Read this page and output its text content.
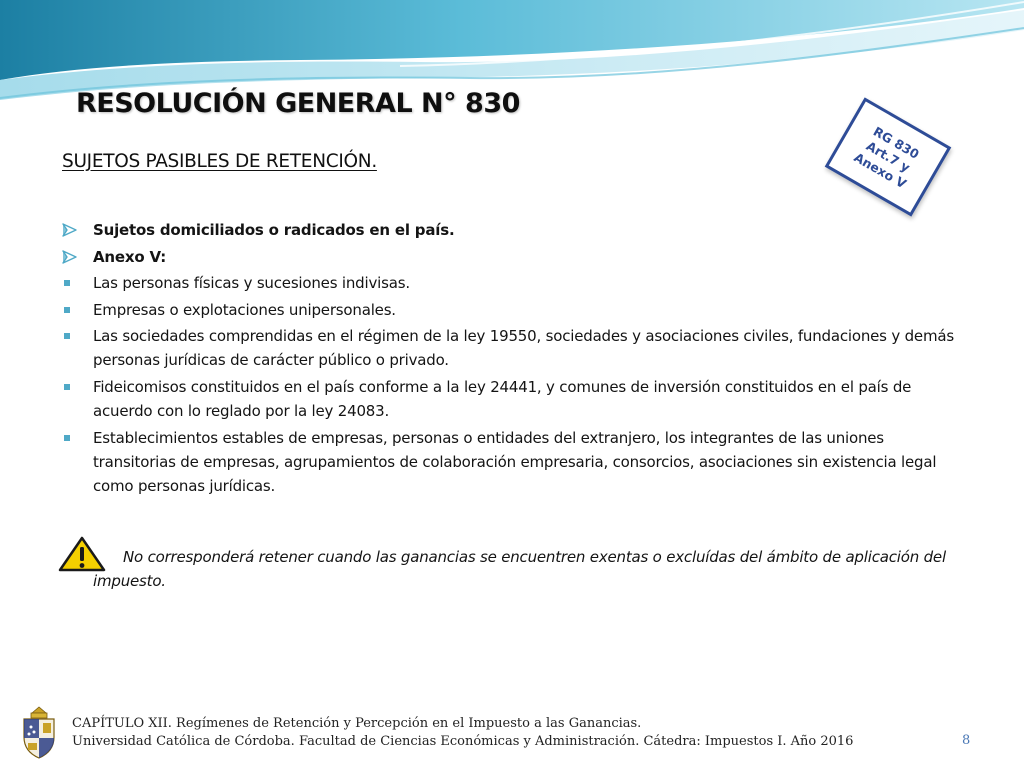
RESOLUCIÓN GENERAL N° 830
SUJETOS PASIBLES DE RETENCIÓN.	RG 830 Art.7 y Anexo V
Sujetos domiciliados o radicados en el país.
Anexo V:
Las personas físicas y sucesiones indivisas.
Empresas o explotaciones unipersonales.
Las sociedades comprendidas en el régimen de la ley 19550, sociedades y asociaciones civiles, fundaciones y demás personas jurídicas de carácter público o privado.
Fideicomisos constituidos en el país conforme a la ley 24441, y comunes de inversión constituidos en el país de acuerdo con lo reglado por la ley 24083.
Establecimientos estables de empresas, personas o entidades del extranjero, los integrantes de las uniones transitorias de empresas, agrupamientos de colaboración empresaria, consorcios, asociaciones sin existencia legal como personas jurídicas.
No corresponderá retener cuando las ganancias se encuentren exentas o excluídas del ámbito de aplicación del impuesto.
CAPÍTULO XII. Regímenes de Retención y Percepción en el Impuesto a las Ganancias.
Universidad Católica de Córdoba. Facultad de Ciencias Económicas y Administración. Cátedra: Impuestos I. Año 2016	8
